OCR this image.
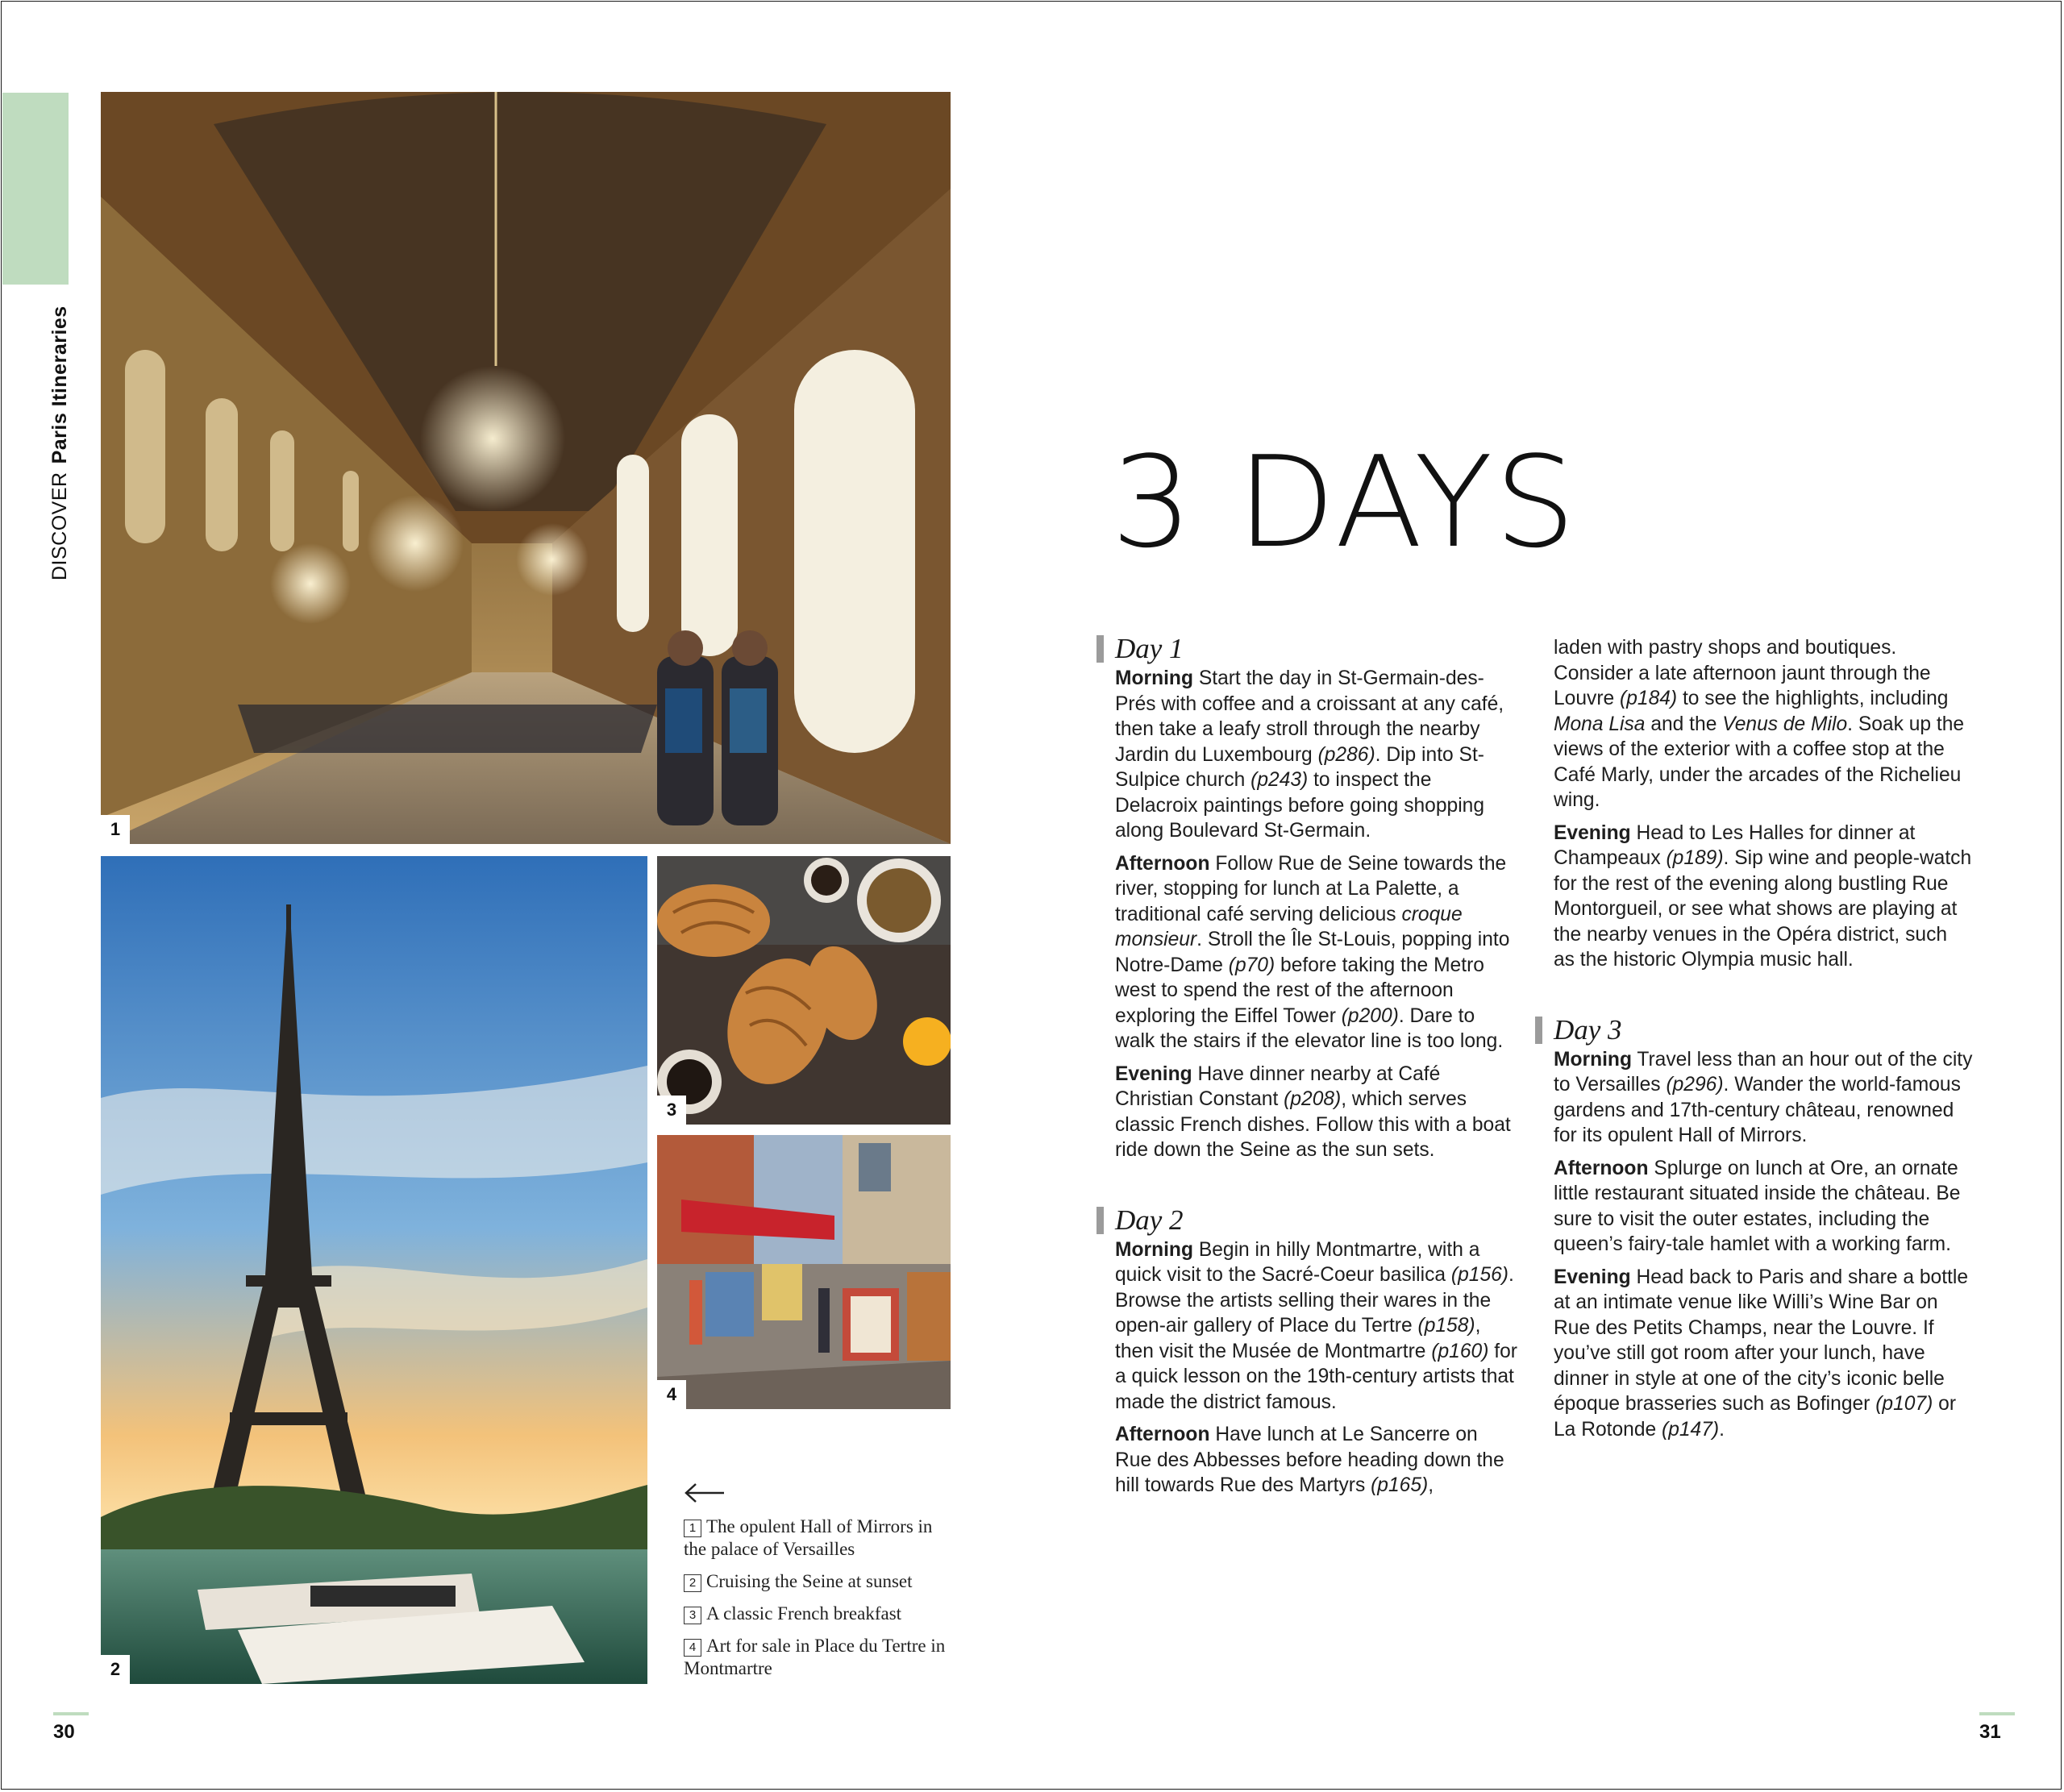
DISCOVERParis Itineraries
1
2
3
4
1 The opulent Hall of Mirrors in the palace of Versailles
2 Cruising the Seine at sunset
3 A classic French breakfast
4 Art for sale in Place du Tertre in Montmartre
3 DAYS
Day 1
Morning Start the day in St-Germain-des-Prés with coffee and a croissant at any café, then take a leafy stroll through the nearby Jardin du Luxembourg (p286). Dip into St-Sulpice church (p243) to inspect the Delacroix paintings before going shopping along Boulevard St-Germain.
Afternoon Follow Rue de Seine towards the river, stopping for lunch at La Palette, a traditional café serving delicious croque monsieur. Stroll the Île St-Louis, popping into Notre-Dame (p70) before taking the Metro west to spend the rest of the afternoon exploring the Eiffel Tower (p200). Dare to walk the stairs if the elevator line is too long.
Evening Have dinner nearby at Café Christian Constant (p208), which serves classic French dishes. Follow this with a boat ride down the Seine as the sun sets.
Day 2
Morning Begin in hilly Montmartre, with a quick visit to the Sacré-Coeur basilica (p156). Browse the artists selling their wares in the open-air gallery of Place du Tertre (p158), then visit the Musée de Montmartre (p160) for a quick lesson on the 19th-century artists that made the district famous.
Afternoon Have lunch at Le Sancerre on Rue des Abbesses before heading down the hill towards Rue des Martyrs (p165),
laden with pastry shops and boutiques. Consider a late afternoon jaunt through the Louvre (p184) to see the highlights, including Mona Lisa and the Venus de Milo. Soak up the views of the exterior with a coffee stop at the Café Marly, under the arcades of the Richelieu wing.
Evening Head to Les Halles for dinner at Champeaux (p189). Sip wine and people-watch for the rest of the evening along bustling Rue Montorgueil, or see what shows are playing at the nearby venues in the Opéra district, such as the historic Olympia music hall.
Day 3
Morning Travel less than an hour out of the city to Versailles (p296). Wander the world-famous gardens and 17th-century château, renowned for its opulent Hall of Mirrors.
Afternoon Splurge on lunch at Ore, an ornate little restaurant situated inside the château. Be sure to visit the outer estates, including the queen’s fairy-tale hamlet with a working farm.
Evening Head back to Paris and share a bottle at an intimate venue like Willi’s Wine Bar on Rue des Petits Champs, near the Louvre. If you’ve still got room after your lunch, have dinner in style at one of the city’s iconic belle époque brasseries such as Bofinger (p107) or La Rotonde (p147).
30	31
